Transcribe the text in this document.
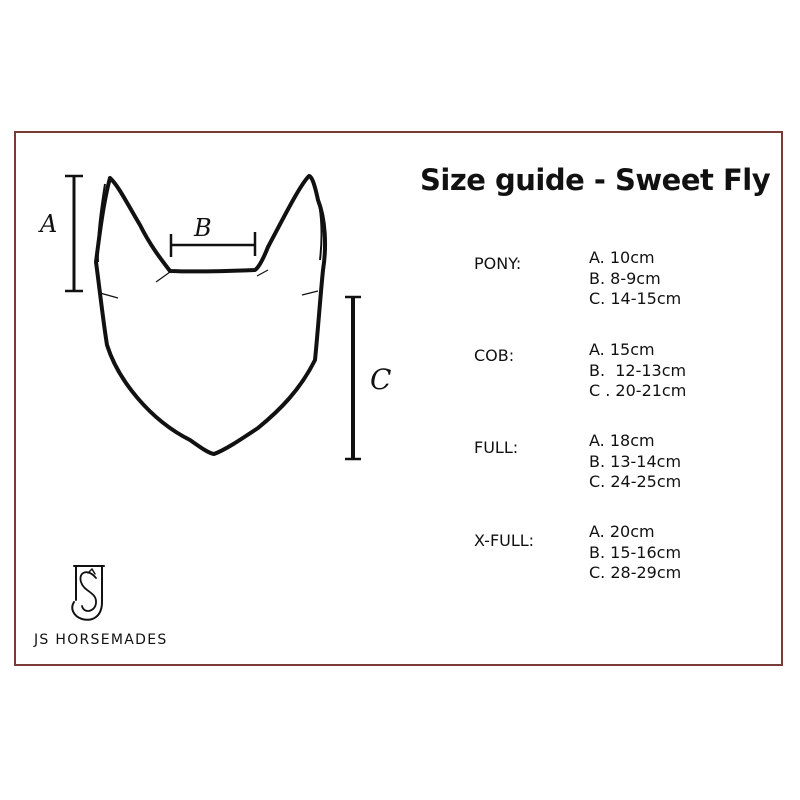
A	B
C
Size guide - Sweet Fly
PONY:	A. 10cm
B. 8-9cm
C. 14-15cm
COB:	A. 15cm
B.  12-13cm
C . 20-21cm
FULL:	A. 18cm
B. 13-14cm
C. 24-25cm
X-FULL:	A. 20cm
B. 15-16cm
C. 28-29cm
JS HORSEMADES
